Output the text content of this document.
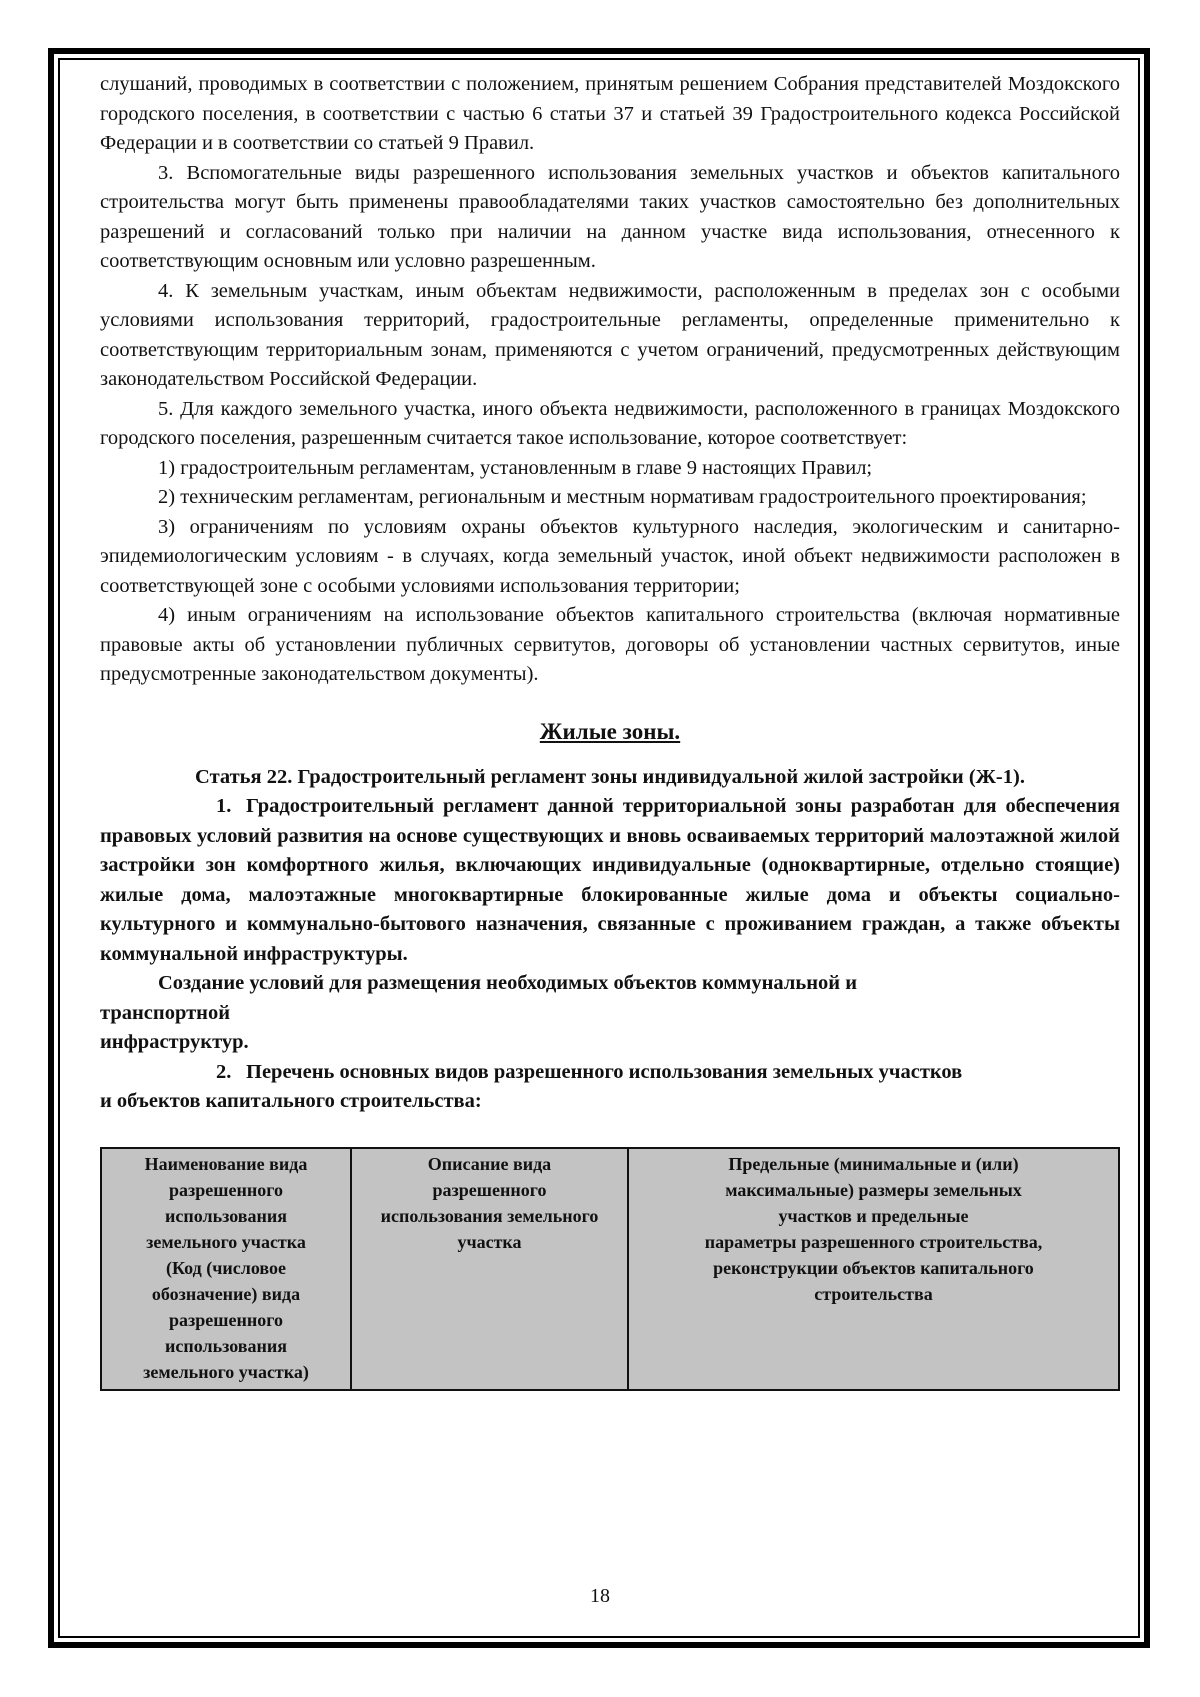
слушаний, проводимых в соответствии с положением, принятым решением Собрания представителей Моздокского городского поселения, в соответствии с частью 6 статьи 37 и статьей 39 Градостроительного кодекса Российской Федерации и в соответствии со статьей 9 Правил.

3. Вспомогательные виды разрешенного использования земельных участков и объектов капитального строительства могут быть применены правообладателями таких участков самостоятельно без дополнительных разрешений и согласований только при наличии на данном участке вида использования, отнесенного к соответствующим основным или условно разрешенным.

4. К земельным участкам, иным объектам недвижимости, расположенным в пределах зон с особыми условиями использования территорий, градостроительные регламенты, определенные применительно к соответствующим территориальным зонам, применяются с учетом ограничений, предусмотренных действующим законодательством Российской Федерации.

5. Для каждого земельного участка, иного объекта недвижимости, расположенного в границах Моздокского городского поселения, разрешенным считается такое использование, которое соответствует:

1) градостроительным регламентам, установленным в главе 9 настоящих Правил;

2) техническим регламентам, региональным и местным нормативам градостроительного проектирования;

3) ограничениям по условиям охраны объектов культурного наследия, экологическим и санитарно-эпидемиологическим условиям - в случаях, когда земельный участок, иной объект недвижимости расположен в соответствующей зоне с особыми условиями использования территории;

4) иным ограничениям на использование объектов капитального строительства (включая нормативные правовые акты об установлении публичных сервитутов, договоры об установлении частных сервитутов, иные предусмотренные законодательством документы).

Жилые зоны.

Статья 22. Градостроительный регламент зоны индивидуальной жилой застройки (Ж-1).

1. Градостроительный регламент данной территориальной зоны разработан для обеспечения правовых условий развития на основе существующих и вновь осваиваемых территорий малоэтажной жилой застройки зон комфортного жилья, включающих индивидуальные (одноквартирные, отдельно стоящие) жилые дома, малоэтажные многоквартирные блокированные жилые дома и объекты социально-культурного и коммунально-бытового назначения, связанные с проживанием граждан, а также объекты коммунальной инфраструктуры.

Создание условий для размещения необходимых объектов коммунальной и

транспортной

инфраструктур.

2. Перечень основных видов разрешенного использования земельных участков

и объектов капитального строительства:

Наименование вида
разрешенного
использования
земельного участка
(Код (числовое
обозначение) вида
разрешенного
использования
земельного участка)

Описание вида
разрешенного
использования земельного
участка

Предельные (минимальные и (или)
максимальные) размеры земельных
участков и предельные
параметры разрешенного строительства,
реконструкции объектов капитального
строительства
18
